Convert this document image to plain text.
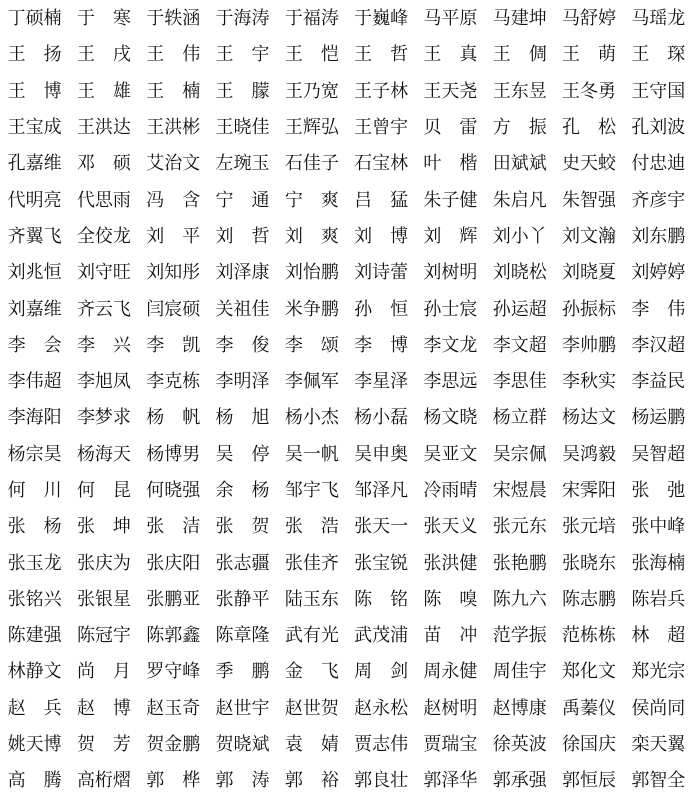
丁硕楠 于　寒 于轶涵 于海涛 于福涛 于巍峰 马平原 马建坤 马舒婷 马瑶龙
王　扬 王　戌 王　伟 王　宇 王　恺 王　哲 王　真 王　倜 王　萌 王　琛
王　博 王　雄 王　楠 王　朦 王乃宽 王子林 王天尧 王东昱 王冬勇 王守国
王宝成 王洪达 王洪彬 王晓佳 王辉弘 王曾宇 贝　雷 方　振 孔　松 孔刘波
孔嘉维 邓　硕 艾治文 左琬玉 石佳子 石宝林 叶　楷 田斌斌 史天蛟 付忠迪
代明亮 代思雨 冯　含 宁　通 宁　爽 吕　猛 朱子健 朱启凡 朱智强 齐彦宇
齐翼飞 全佼龙 刘　平 刘　哲 刘　爽 刘　博 刘　辉 刘小丫 刘文瀚 刘东鹏
刘兆恒 刘守旺 刘知彤 刘泽康 刘怡鹏 刘诗蕾 刘树明 刘晓松 刘晓夏 刘婷婷
刘嘉维 齐云飞 闫宸硕 关祖佳 米争鹏 孙　恒 孙士宸 孙运超 孙振标 李　伟
李　会 李　兴 李　凯 李　俊 李　颂 李　博 李文龙 李文超 李帅鹏 李汉超
李伟超 李旭凤 李克栋 李明泽 李佩军 李星泽 李思远 李思佳 李秋实 李益民
李海阳 李梦求 杨　帆 杨　旭 杨小杰 杨小磊 杨文晓 杨立群 杨达文 杨运鹏
杨宗昊 杨海天 杨博男 吴　停 吴一帆 吴申奥 吴亚文 吴宗佩 吴鸿毅 吴智超
何　川 何　昆 何晓强 余　杨 邹宇飞 邹泽凡 冷雨晴 宋煜晨 宋霁阳 张　弛
张　杨 张　坤 张　洁 张　贺 张　浩 张天一 张天义 张元东 张元培 张中峰
张玉龙 张庆为 张庆阳 张志疆 张佳齐 张宝锐 张洪健 张艳鹏 张晓东 张海楠
张铭兴 张银星 张鹏亚 张静平 陆玉东 陈　铭 陈　嗅 陈九六 陈志鹏 陈岩兵
陈建强 陈冠宇 陈郭鑫 陈章隆 武有光 武茂浦 苗　冲 范学振 范栋栋 林　超
林静文 尚　月 罗守峰 季　鹏 金　飞 周　剑 周永健 周佳宇 郑化文 郑光宗
赵　兵 赵　博 赵玉奇 赵世宇 赵世贺 赵永松 赵树明 赵博康 禹蓁仪 侯尚同
姚天博 贺　芳 贺金鹏 贺晓斌 袁　婧 贾志伟 贾瑞宝 徐英波 徐国庆 栾天翼
高　腾 高桁熠 郭　桦 郭　涛 郭　裕 郭良壮 郭泽华 郭承强 郭恒辰 郭智全
